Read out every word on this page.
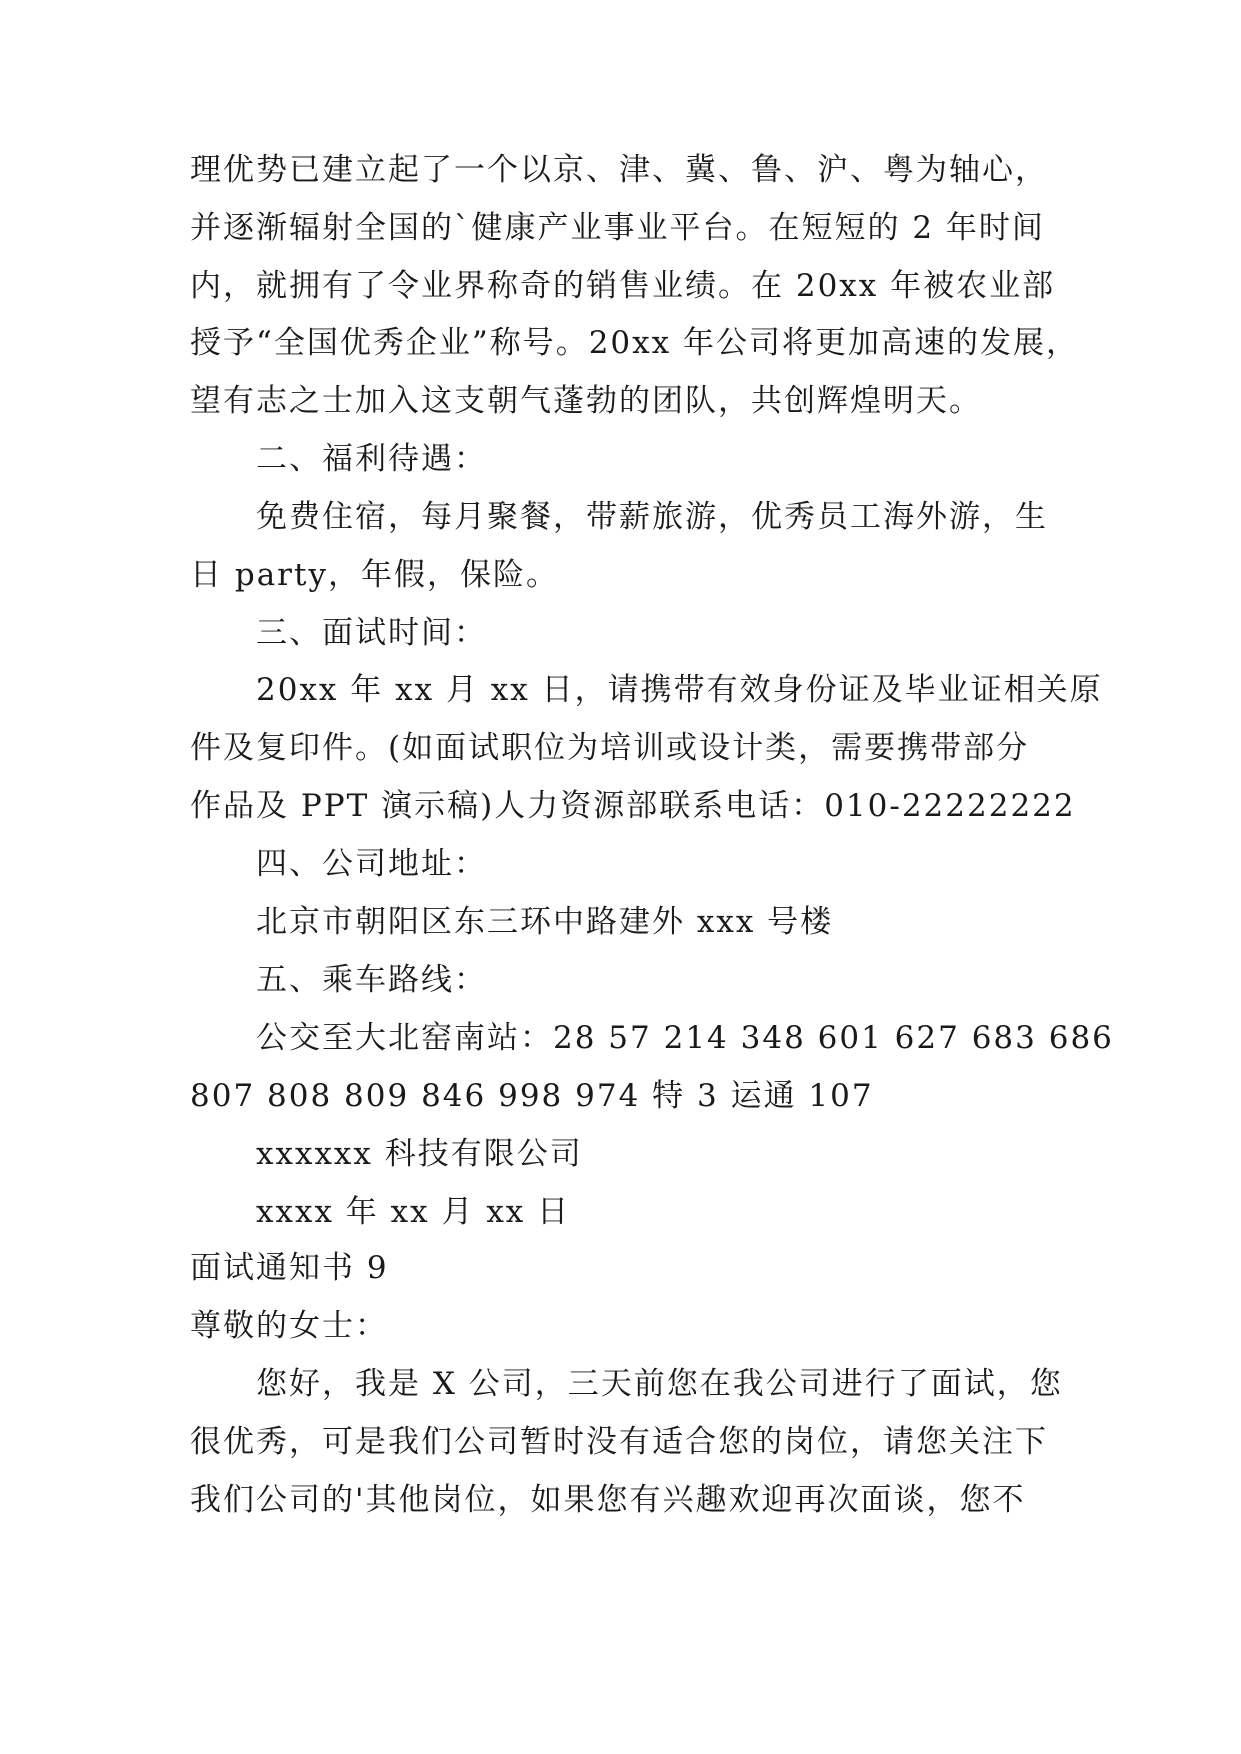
理优势已建立起了一个以京、津、冀、鲁、沪、粤为轴心，
并逐渐辐射全国的`健康产业事业平台。在短短的 2 年时间
内，就拥有了令业界称奇的销售业绩。在 20xx 年被农业部
授予“全国优秀企业”称号。20xx 年公司将更加高速的发展，
望有志之士加入这支朝气蓬勃的团队，共创辉煌明天。
二、福利待遇：
免费住宿，每月聚餐，带薪旅游，优秀员工海外游，生
日 party，年假，保险。
三、面试时间：
20xx 年 xx 月 xx 日，请携带有效身份证及毕业证相关原
件及复印件。(如面试职位为培训或设计类，需要携带部分
作品及 PPT 演示稿)人力资源部联系电话：010-22222222
四、公司地址：
北京市朝阳区东三环中路建外 xxx 号楼
五、乘车路线：
公交至大北窑南站：28 57 214 348 601 627 683 686
807 808 809 846 998 974 特 3 运通 107
xxxxxx 科技有限公司
xxxx 年 xx 月 xx 日
面试通知书 9
尊敬的女士：
您好，我是 X 公司，三天前您在我公司进行了面试，您
很优秀，可是我们公司暂时没有适合您的岗位，请您关注下
我们公司的'其他岗位，如果您有兴趣欢迎再次面谈，您不
